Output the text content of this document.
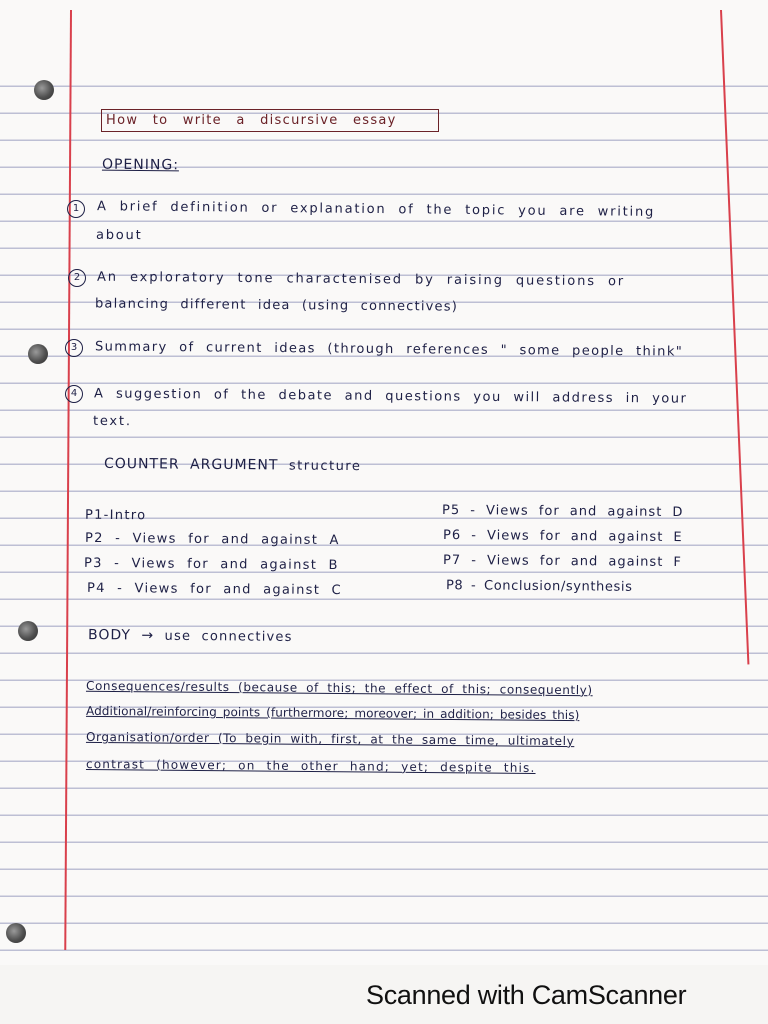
How to write a discursive essay
OPENING:
1	A brief definition or explanation of the topic you are writing
about
2	An exploratory tone charactenised by raising questions or
balancing different idea (using connectives)
3	Summary of current ideas (through references " some people think"
4	A suggestion of the debate and questions you will address in your
text.
COUNTER ARGUMENT structure
P1-Intro
P2 - Views for and against A
P3 - Views for and against B
P4 - Views for and against C
P5 - Views for and against D
P6 - Views for and against E
P7 - Views for and against F
P8 - Conclusion/synthesis
BODY → use connectives
Consequences/results (because of this; the effect of this; consequently)
Additional/reinforcing points (furthermore; moreover; in addition; besides this)
Organisation/order (To begin with, first, at the same time, ultimately
contrast (however; on the other hand; yet; despite this.
Scanned with CamScanner
